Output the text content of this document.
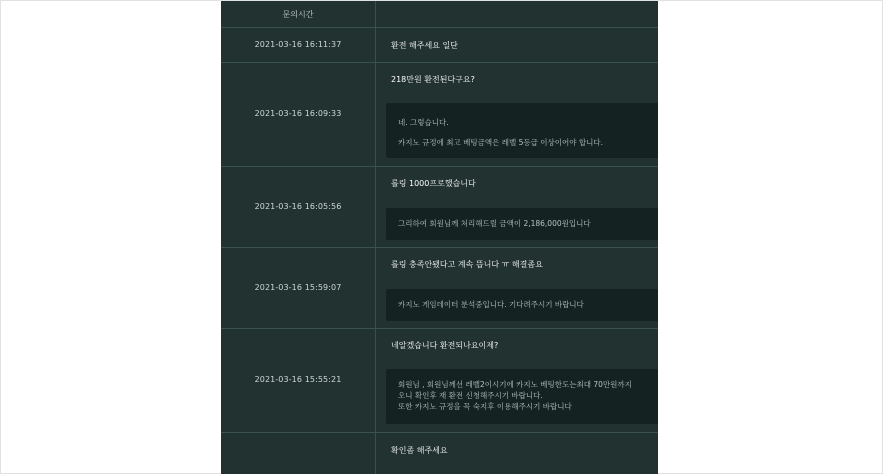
문의시간
2021-03-16 16:11:37	환전 해주세요 일단
2021-03-16 16:09:33
218만원 환전된다구요?
네. 그렇습니다.
카지노 규정에 최고 베팅금액은 레벨 5등급 이상이어야 합니다.
2021-03-16 16:05:56
롤링 1000프로했습니다
그리하여 회원님께 처리해드릴 금액이 2,186,000원입니다
2021-03-16 15:59:07
롤링 충족안됐다고 계속 뜹니다 ㅠ 해결좀요
카지노 게임데이터 분석중입니다. 기다려주시기 바랍니다
2021-03-16 15:55:21
네알겠습니다 환전되나요이제?
회원님 , 회원님께선 레벨2이시기에 카지노 베팅한도는최대 70만원까지
오니 확인후 재 환전 신청해주시기 바랍니다.
또한 카지노 규정을 꼭 숙지후 이용해주시기 바랍니다
확인좀 해주세요
